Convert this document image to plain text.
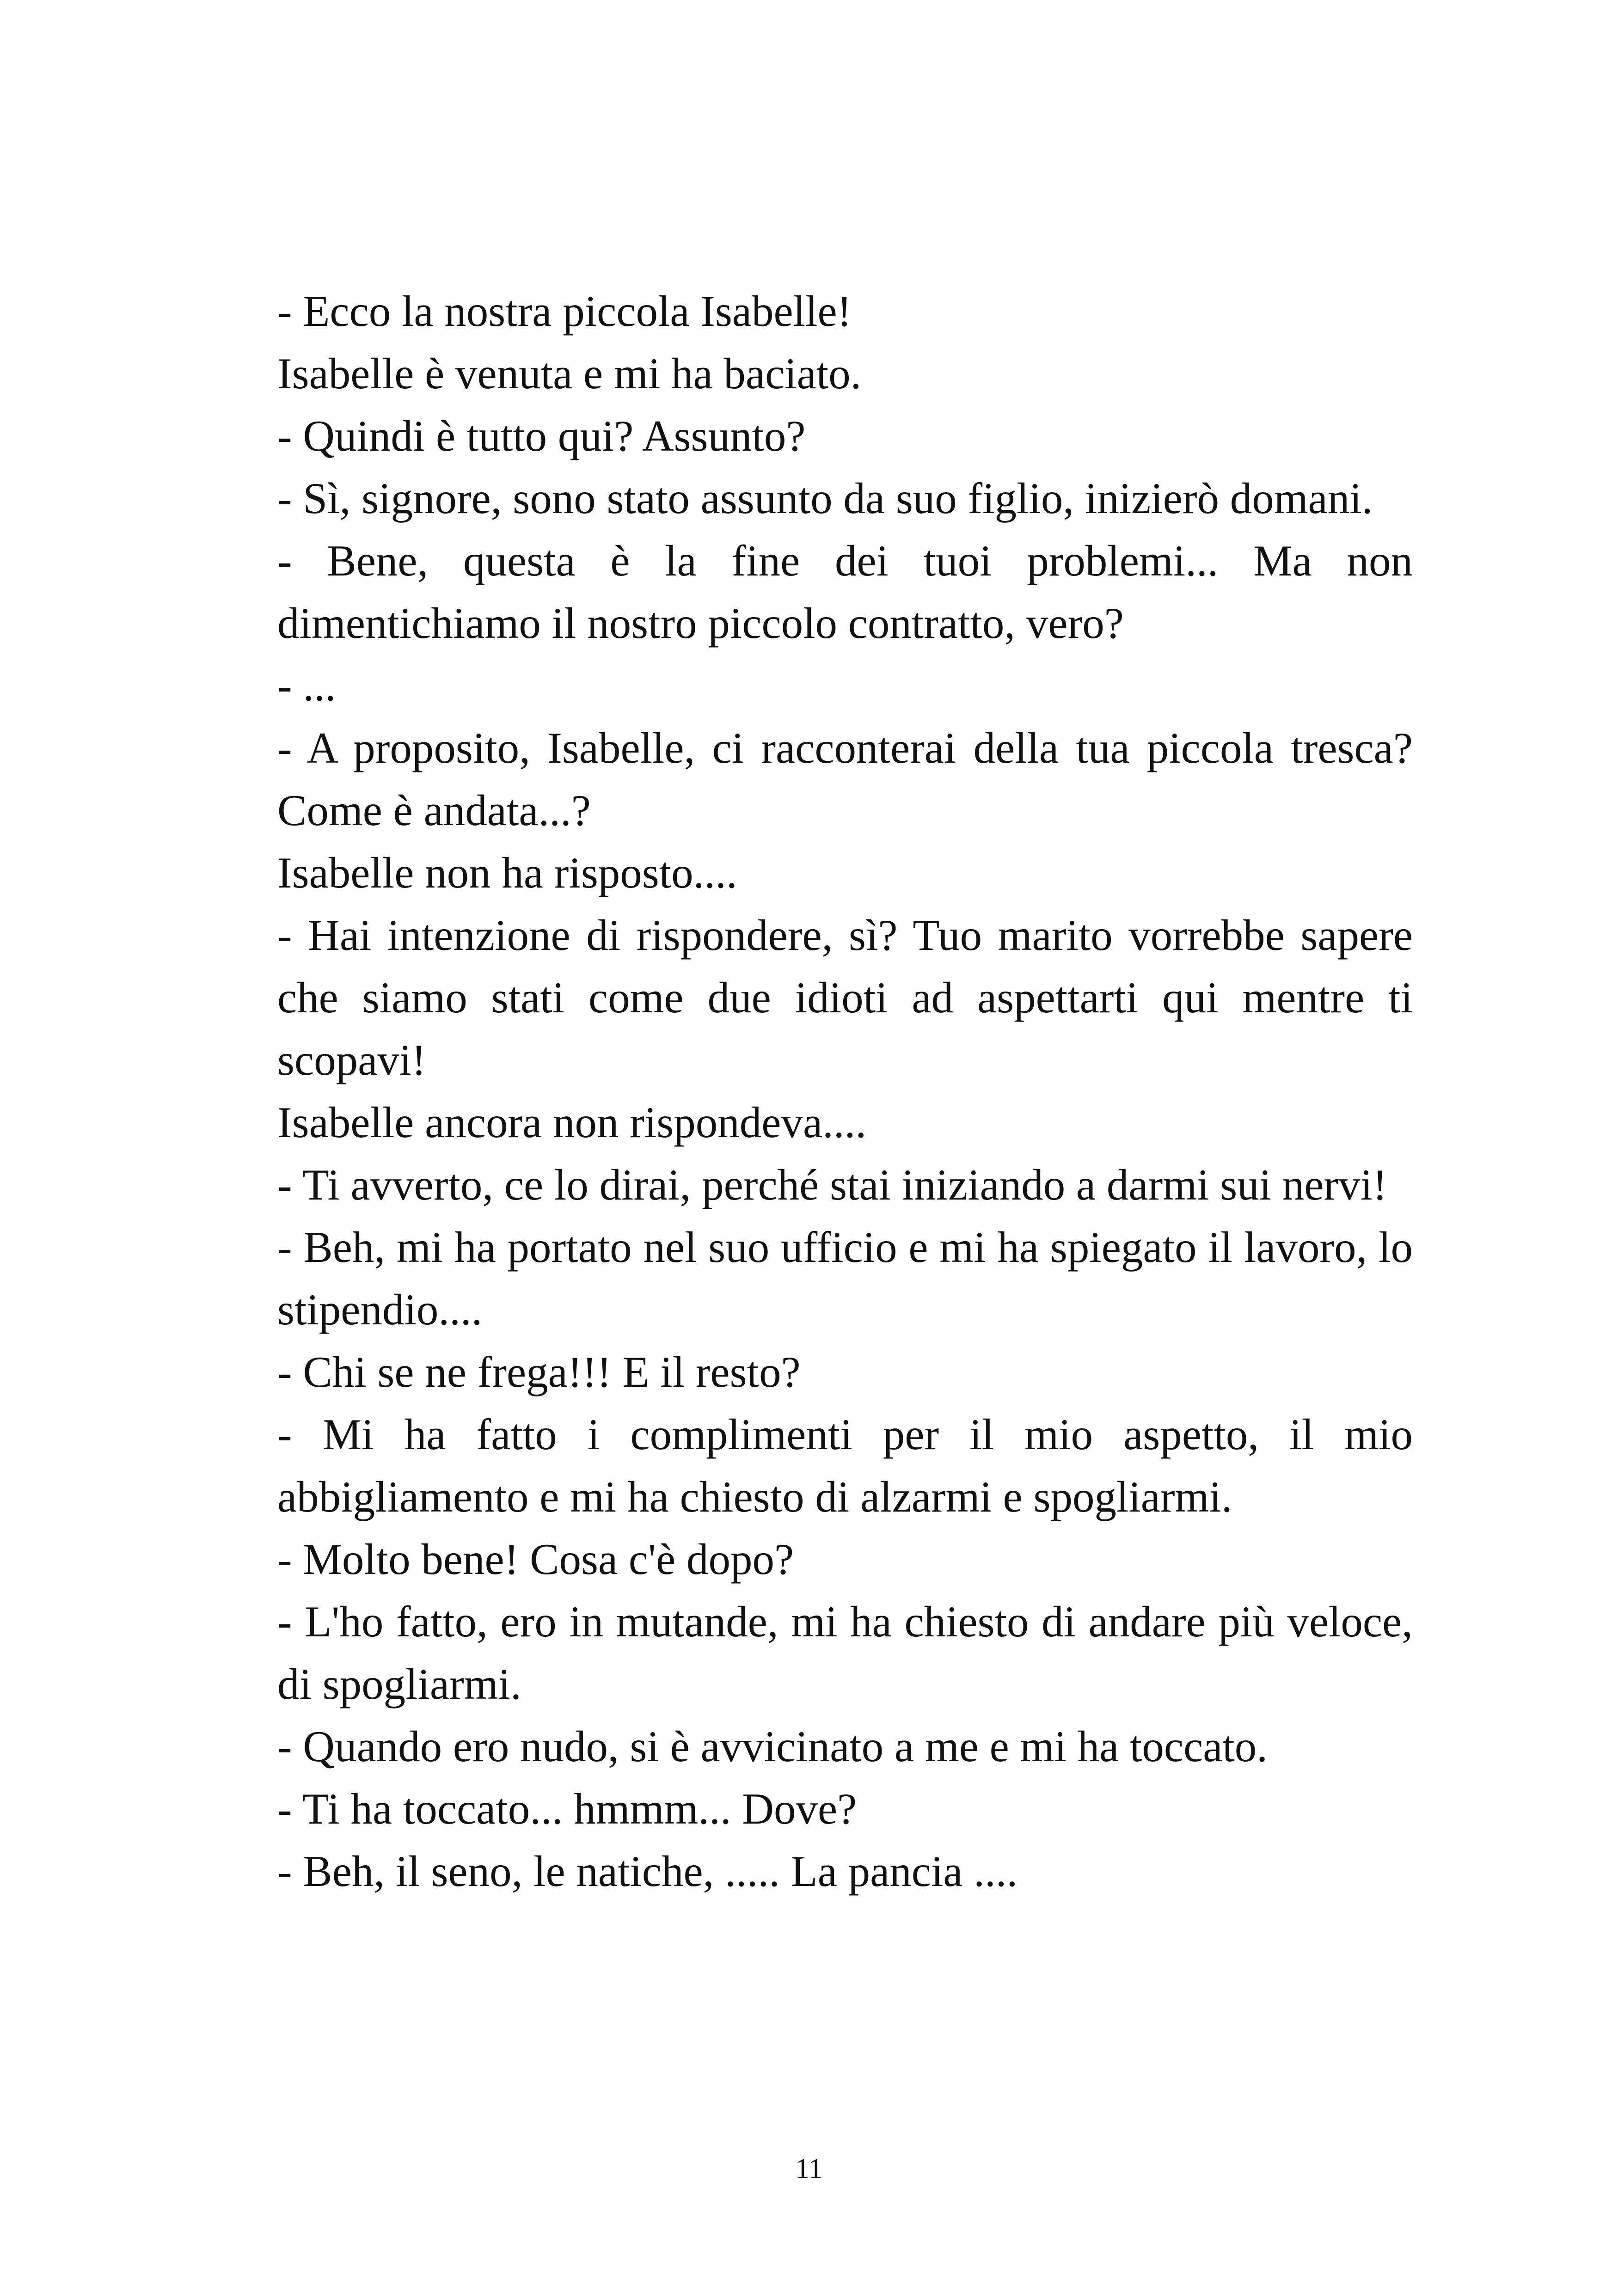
- Ecco la nostra piccola Isabelle!

Isabelle è venuta e mi ha baciato.

- Quindi è tutto qui? Assunto?

- Sì, signore, sono stato assunto da suo figlio, inizierò domani.

- Bene, questa è la fine dei tuoi problemi... Ma non dimentichiamo il nostro piccolo contratto, vero?

- ...

- A proposito, Isabelle, ci racconterai della tua piccola tresca? Come è andata...?

Isabelle non ha risposto....

- Hai intenzione di rispondere, sì? Tuo marito vorrebbe sapere che siamo stati come due idioti ad aspettarti qui mentre ti scopavi!

Isabelle ancora non rispondeva....

- Ti avverto, ce lo dirai, perché stai iniziando a darmi sui nervi!

- Beh, mi ha portato nel suo ufficio e mi ha spiegato il lavoro, lo stipendio....

- Chi se ne frega!!! E il resto?

- Mi ha fatto i complimenti per il mio aspetto, il mio abbigliamento e mi ha chiesto di alzarmi e spogliarmi.

- Molto bene! Cosa c'è dopo?

- L'ho fatto, ero in mutande, mi ha chiesto di andare più veloce, di spogliarmi.

- Quando ero nudo, si è avvicinato a me e mi ha toccato.

- Ti ha toccato... hmmm... Dove?

- Beh, il seno, le natiche, ..... La pancia ....

11
